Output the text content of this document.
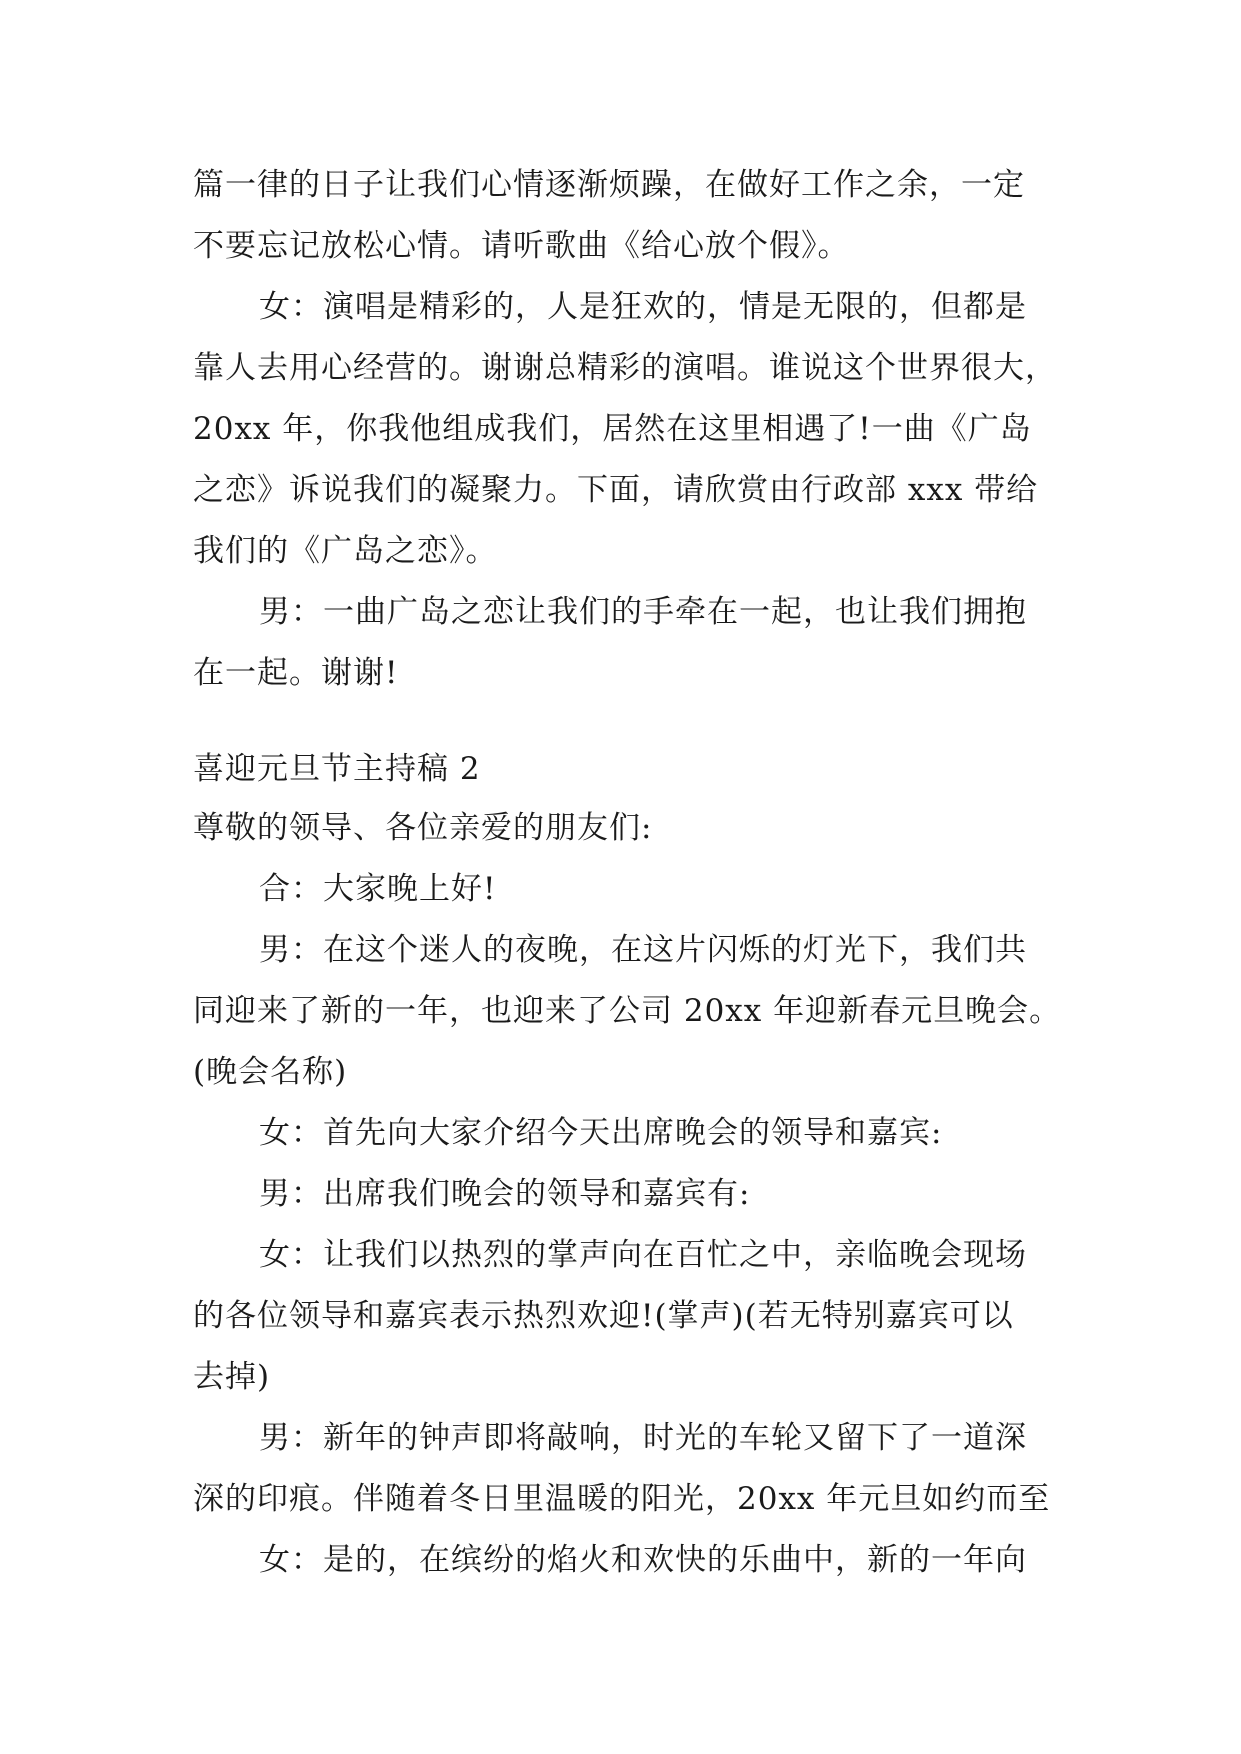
篇一律的日子让我们心情逐渐烦躁，在做好工作之余，一定
不要忘记放松心情。请听歌曲《给心放个假》。
女：演唱是精彩的，人是狂欢的，情是无限的，但都是
靠人去用心经营的。谢谢总精彩的演唱。谁说这个世界很大，
20xx 年，你我他组成我们，居然在这里相遇了!一曲《广岛
之恋》诉说我们的凝聚力。下面，请欣赏由行政部 xxx 带给
我们的《广岛之恋》。
男：一曲广岛之恋让我们的手牵在一起，也让我们拥抱
在一起。谢谢!
喜迎元旦节主持稿 2
尊敬的领导、各位亲爱的朋友们:
合：大家晚上好!
男：在这个迷人的夜晚，在这片闪烁的灯光下，我们共
同迎来了新的一年，也迎来了公司 20xx 年迎新春元旦晚会。
(晚会名称)
女：首先向大家介绍今天出席晚会的领导和嘉宾:
男：出席我们晚会的领导和嘉宾有:
女：让我们以热烈的掌声向在百忙之中，亲临晚会现场
的各位领导和嘉宾表示热烈欢迎!(掌声)(若无特别嘉宾可以
去掉)
男：新年的钟声即将敲响，时光的车轮又留下了一道深
深的印痕。伴随着冬日里温暖的阳光，20xx 年元旦如约而至
女：是的，在缤纷的焰火和欢快的乐曲中，新的一年向
